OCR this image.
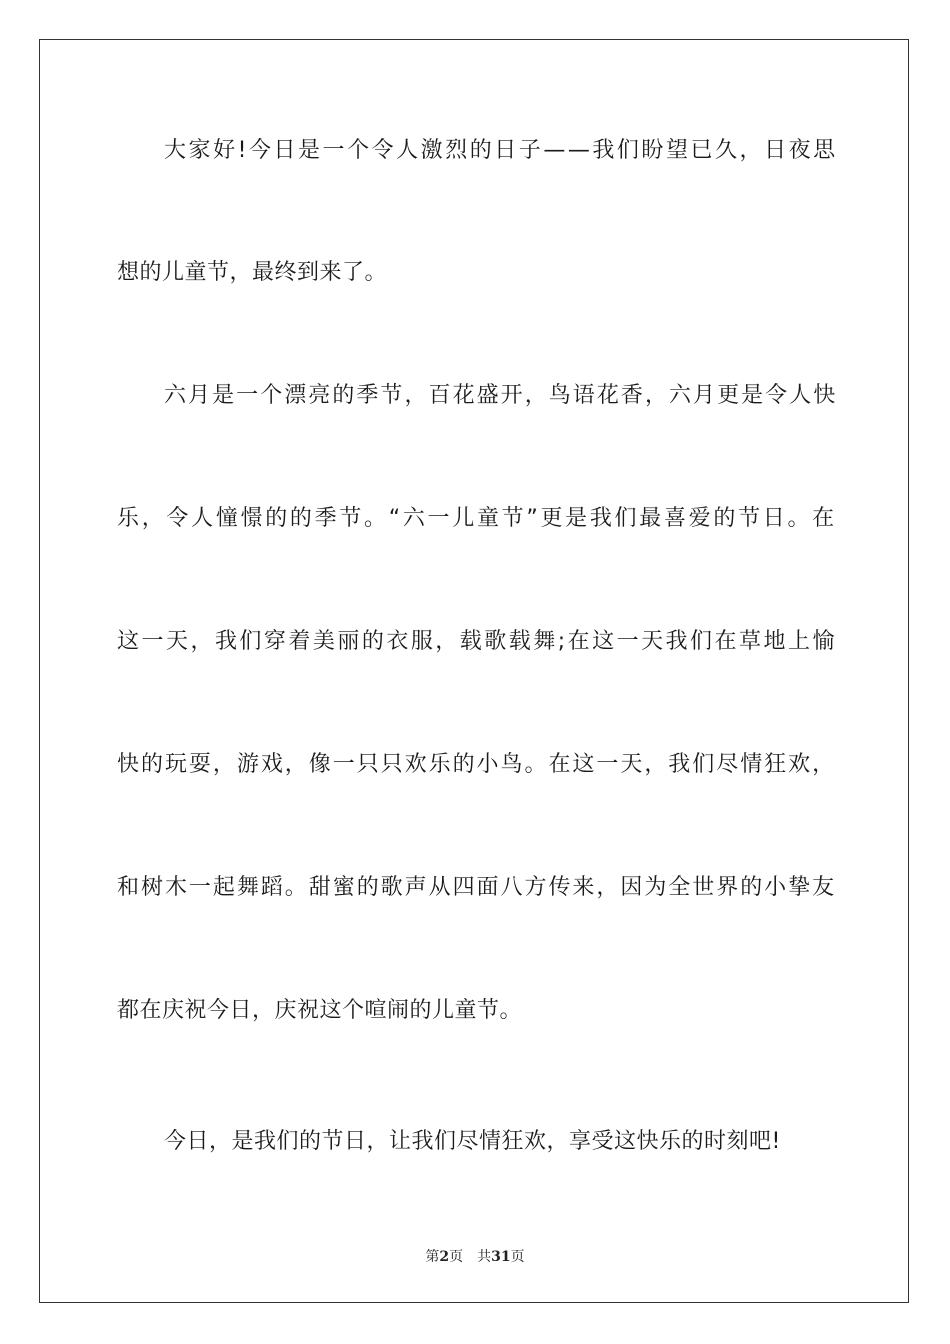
大 家 好 ! 今 日 是 一 个 令 人 激 烈 的 日 子 — — 我 们 盼 望 已 久 ， 日 夜 思
想的儿童节，最终到来了。
六 月 是 一 个 漂 亮 的 季 节 ， 百 花 盛 开 ， 鸟 语 花 香 ， 六 月 更 是 令 人 快
乐 ， 令 人 憧 憬 的 的 季 节 。 “ 六 一 儿 童 节 ” 更 是 我 们 最 喜 爱 的 节 日 。 在
这 一 天 ， 我 们 穿 着 美 丽 的 衣 服 ， 载 歌 载 舞 ; 在 这 一 天 我 们 在 草 地 上 愉
快 的 玩 耍 ， 游 戏 ， 像 一 只 只 欢 乐 的 小 鸟 。 在 这 一 天 ， 我 们 尽 情 狂 欢 ，
和 树 木 一 起 舞 蹈 。 甜 蜜 的 歌 声 从 四 面 八 方 传 来 ， 因 为 全 世 界 的 小 挚 友
都在庆祝今日，庆祝这个喧闹的儿童节。
今日，是我们的节日，让我们尽情狂欢，享受这快乐的时刻吧!
第2页 共31页
